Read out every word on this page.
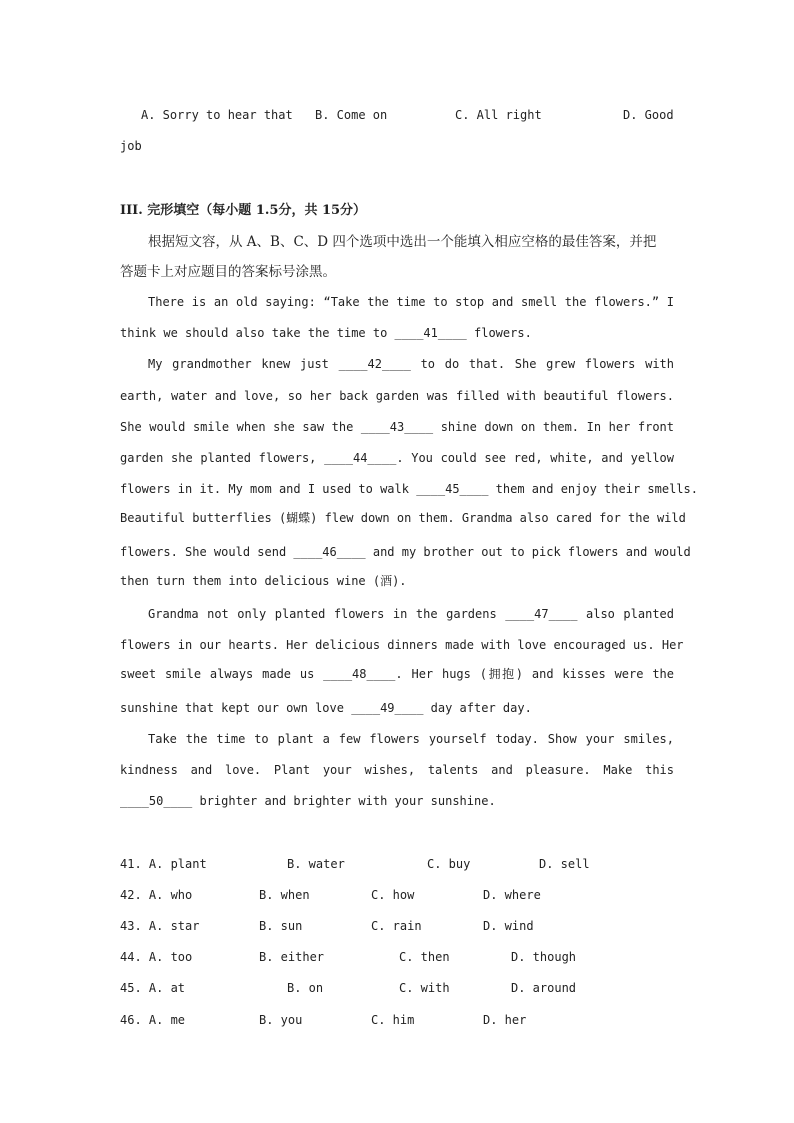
A. Sorry to hear that B. Come on	C. All right	D. Good
job
III. 完形填空（每小题 1.5分，共 15分）
根据短文容，从 A、B、C、D 四个选项中选出一个能填入相应空格的最佳答案，并把
答题卡上对应题目的答案标号涂黑。
There is an old saying: “Take the time to stop and smell the flowers.” I
think we should also take the time to ____41____ flowers.
My grandmother knew just ____42____ to do that. She grew flowers with
earth, water and love, so her back garden was filled with beautiful flowers.
She would smile when she saw the ____43____ shine down on them. In her front
garden she planted flowers, ____44____. You could see red, white, and yellow
flowers in it. My mom and I used to walk ____45____ them and enjoy their smells.
Beautiful butterflies (蝴蝶) flew down on them. Grandma also cared for the wild
flowers. She would send ____46____ and my brother out to pick flowers and would
then turn them into delicious wine (酒).
Grandma not only planted flowers in the gardens ____47____ also planted
flowers in our hearts. Her delicious dinners made with love encouraged us. Her
sweet smile always made us ____48____. Her hugs (拥抱) and kisses were the
sunshine that kept our own love ____49____ day after day.
Take the time to plant a few flowers yourself today. Show your smiles,
kindness and love. Plant your wishes, talents and pleasure. Make this
____50____ brighter and brighter with your sunshine.
41. A. plant	B. water	C. buy	D. sell
42. A. who	B. when	C. how	D. where
43. A. star	B. sun	C. rain	D. wind
44. A. too	B. either	C. then	D. though
45. A. at	B. on	C. with	D. around
46. A. me	B. you	C. him	D. her
